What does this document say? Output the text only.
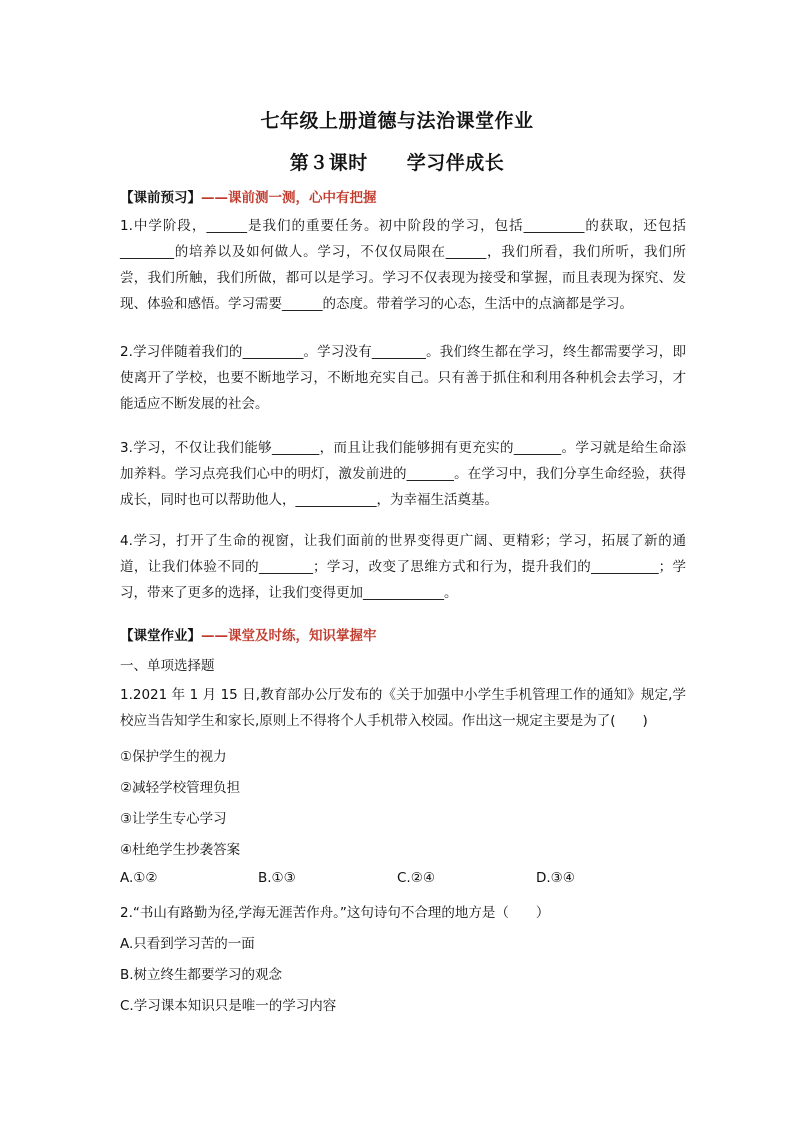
七年级上册道德与法治课堂作业
第３课时　　学习伴成长
【课前预习】——课前测一测，心中有把握
1.中学阶段，______是我们的重要任务。初中阶段的学习，包括_________的获取，还包括________的培养以及如何做人。学习，不仅仅局限在______，我们所看，我们所听，我们所尝，我们所触，我们所做，都可以是学习。学习不仅表现为接受和掌握，而且表现为探究、发现、体验和感悟。学习需要______的态度。带着学习的心态，生活中的点滴都是学习。
2.学习伴随着我们的_________。学习没有________。我们终生都在学习，终生都需要学习，即使离开了学校，也要不断地学习，不断地充实自己。只有善于抓住和利用各种机会去学习，才能适应不断发展的社会。
3.学习，不仅让我们能够_______，而且让我们能够拥有更充实的_______。学习就是给生命添加养料。学习点亮我们心中的明灯，激发前进的_______。在学习中，我们分享生命经验，获得成长，同时也可以帮助他人，____________，为幸福生活奠基。
4.学习，打开了生命的视窗，让我们面前的世界变得更广阔、更精彩；学习，拓展了新的通道，让我们体验不同的________；学习，改变了思维方式和行为，提升我们的__________；学习，带来了更多的选择，让我们变得更加____________。
【课堂作业】——课堂及时练，知识掌握牢
一、单项选择题
1.2021 年 1 月 15 日,教育部办公厅发布的《关于加强中小学生手机管理工作的通知》规定,学校应当告知学生和家长,原则上不得将个人手机带入校园。作出这一规定主要是为了(　　)
①保护学生的视力
②减轻学校管理负担
③让学生专心学习
④杜绝学生抄袭答案
A.①②	B.①③	C.②④	D.③④
2.“书山有路勤为径,学海无涯苦作舟。”这句诗句不合理的地方是（　　）
A.只看到学习苦的一面
B.树立终生都要学习的观念
C.学习课本知识只是唯一的学习内容
